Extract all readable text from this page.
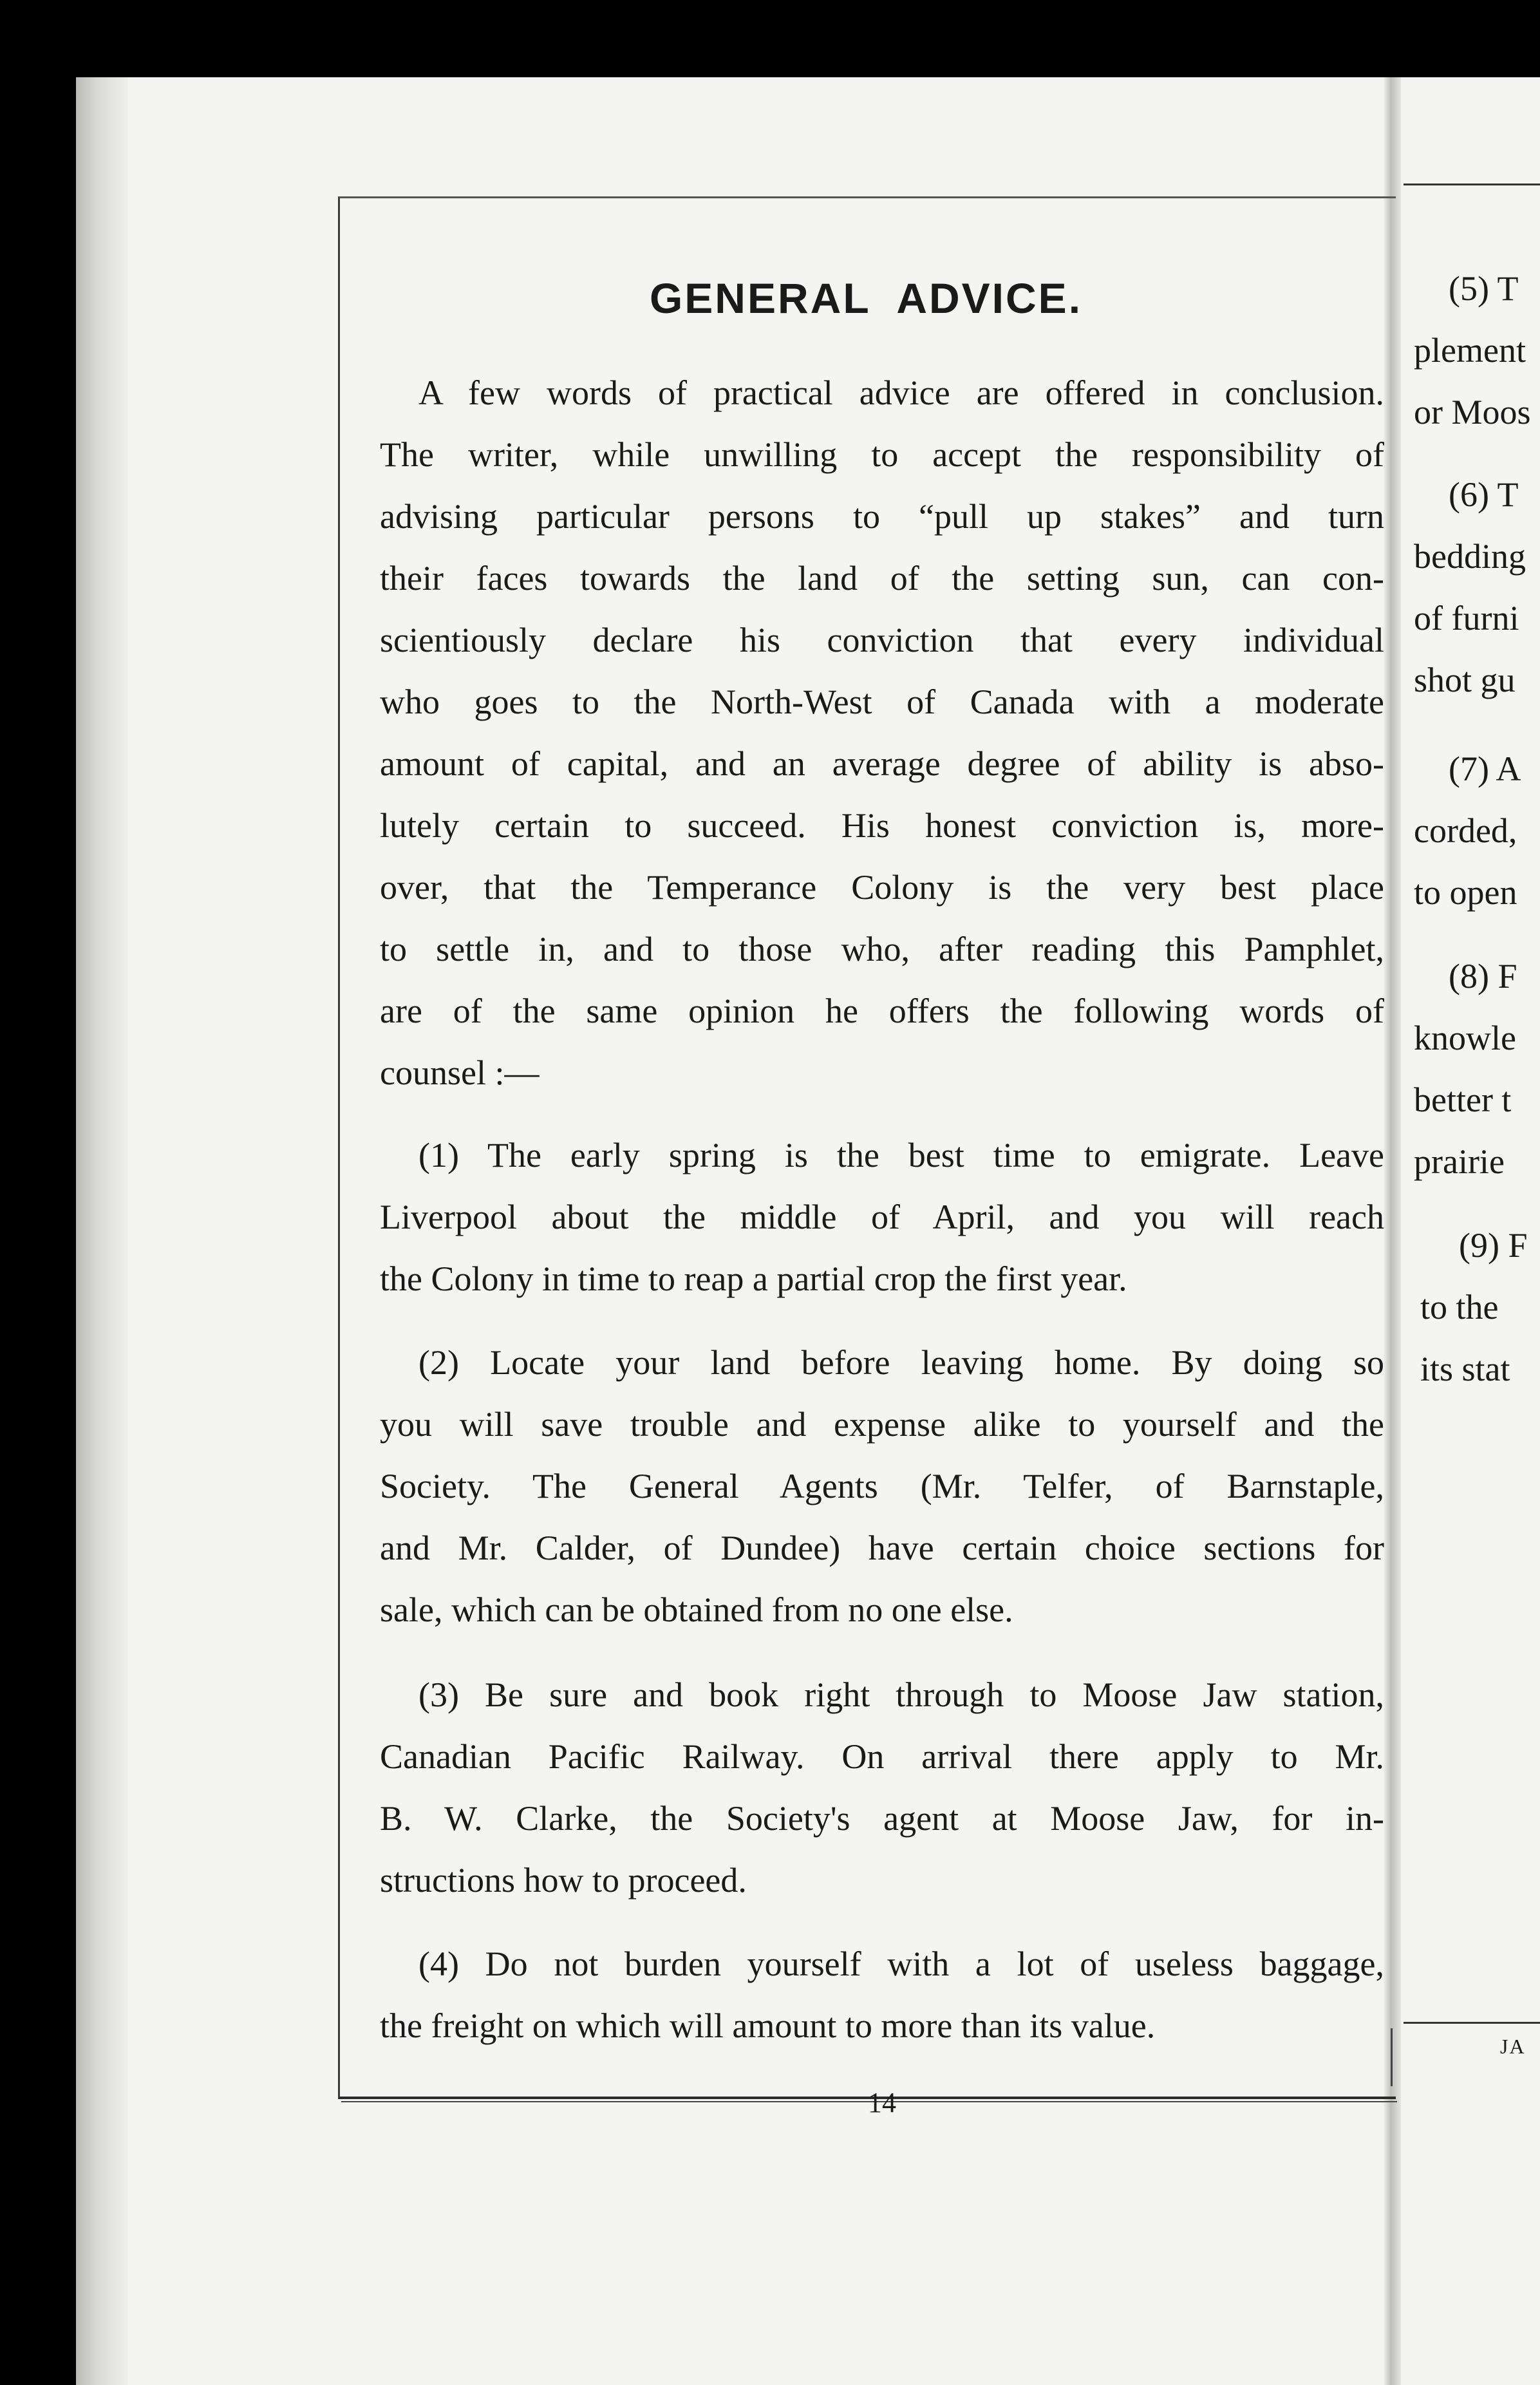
GENERAL ADVICE.
A few words of practical advice are offered in conclusion.
The writer, while unwilling to accept the responsibility of
advising particular persons to “pull up stakes” and turn
their faces towards the land of the setting sun, can con-
scientiously declare his conviction that every individual
who goes to the North-West of Canada with a moderate
amount of capital, and an average degree of ability is abso-
lutely certain to succeed. His honest conviction is, more-
over, that the Temperance Colony is the very best place
to settle in, and to those who, after reading this Pamphlet,
are of the same opinion he offers the following words of
counsel :—
(1) The early spring is the best time to emigrate. Leave
Liverpool about the middle of April, and you will reach
the Colony in time to reap a partial crop the first year.
(2) Locate your land before leaving home. By doing so
you will save trouble and expense alike to yourself and the
Society. The General Agents (Mr. Telfer, of Barnstaple,
and Mr. Calder, of Dundee) have certain choice sections for
sale, which can be obtained from no one else.
(3) Be sure and book right through to Moose Jaw station,
Canadian Pacific Railway. On arrival there apply to Mr.
B. W. Clarke, the Society's agent at Moose Jaw, for in-
structions how to proceed.
(4) Do not burden yourself with a lot of useless baggage,
the freight on which will amount to more than its value.
14
(5) T
plement
or Moos
(6) T
bedding
of furni
shot gu
(7) A
corded,
to open
(8) F
knowle
better t
prairie
(9) F
to the
its stat
JA
